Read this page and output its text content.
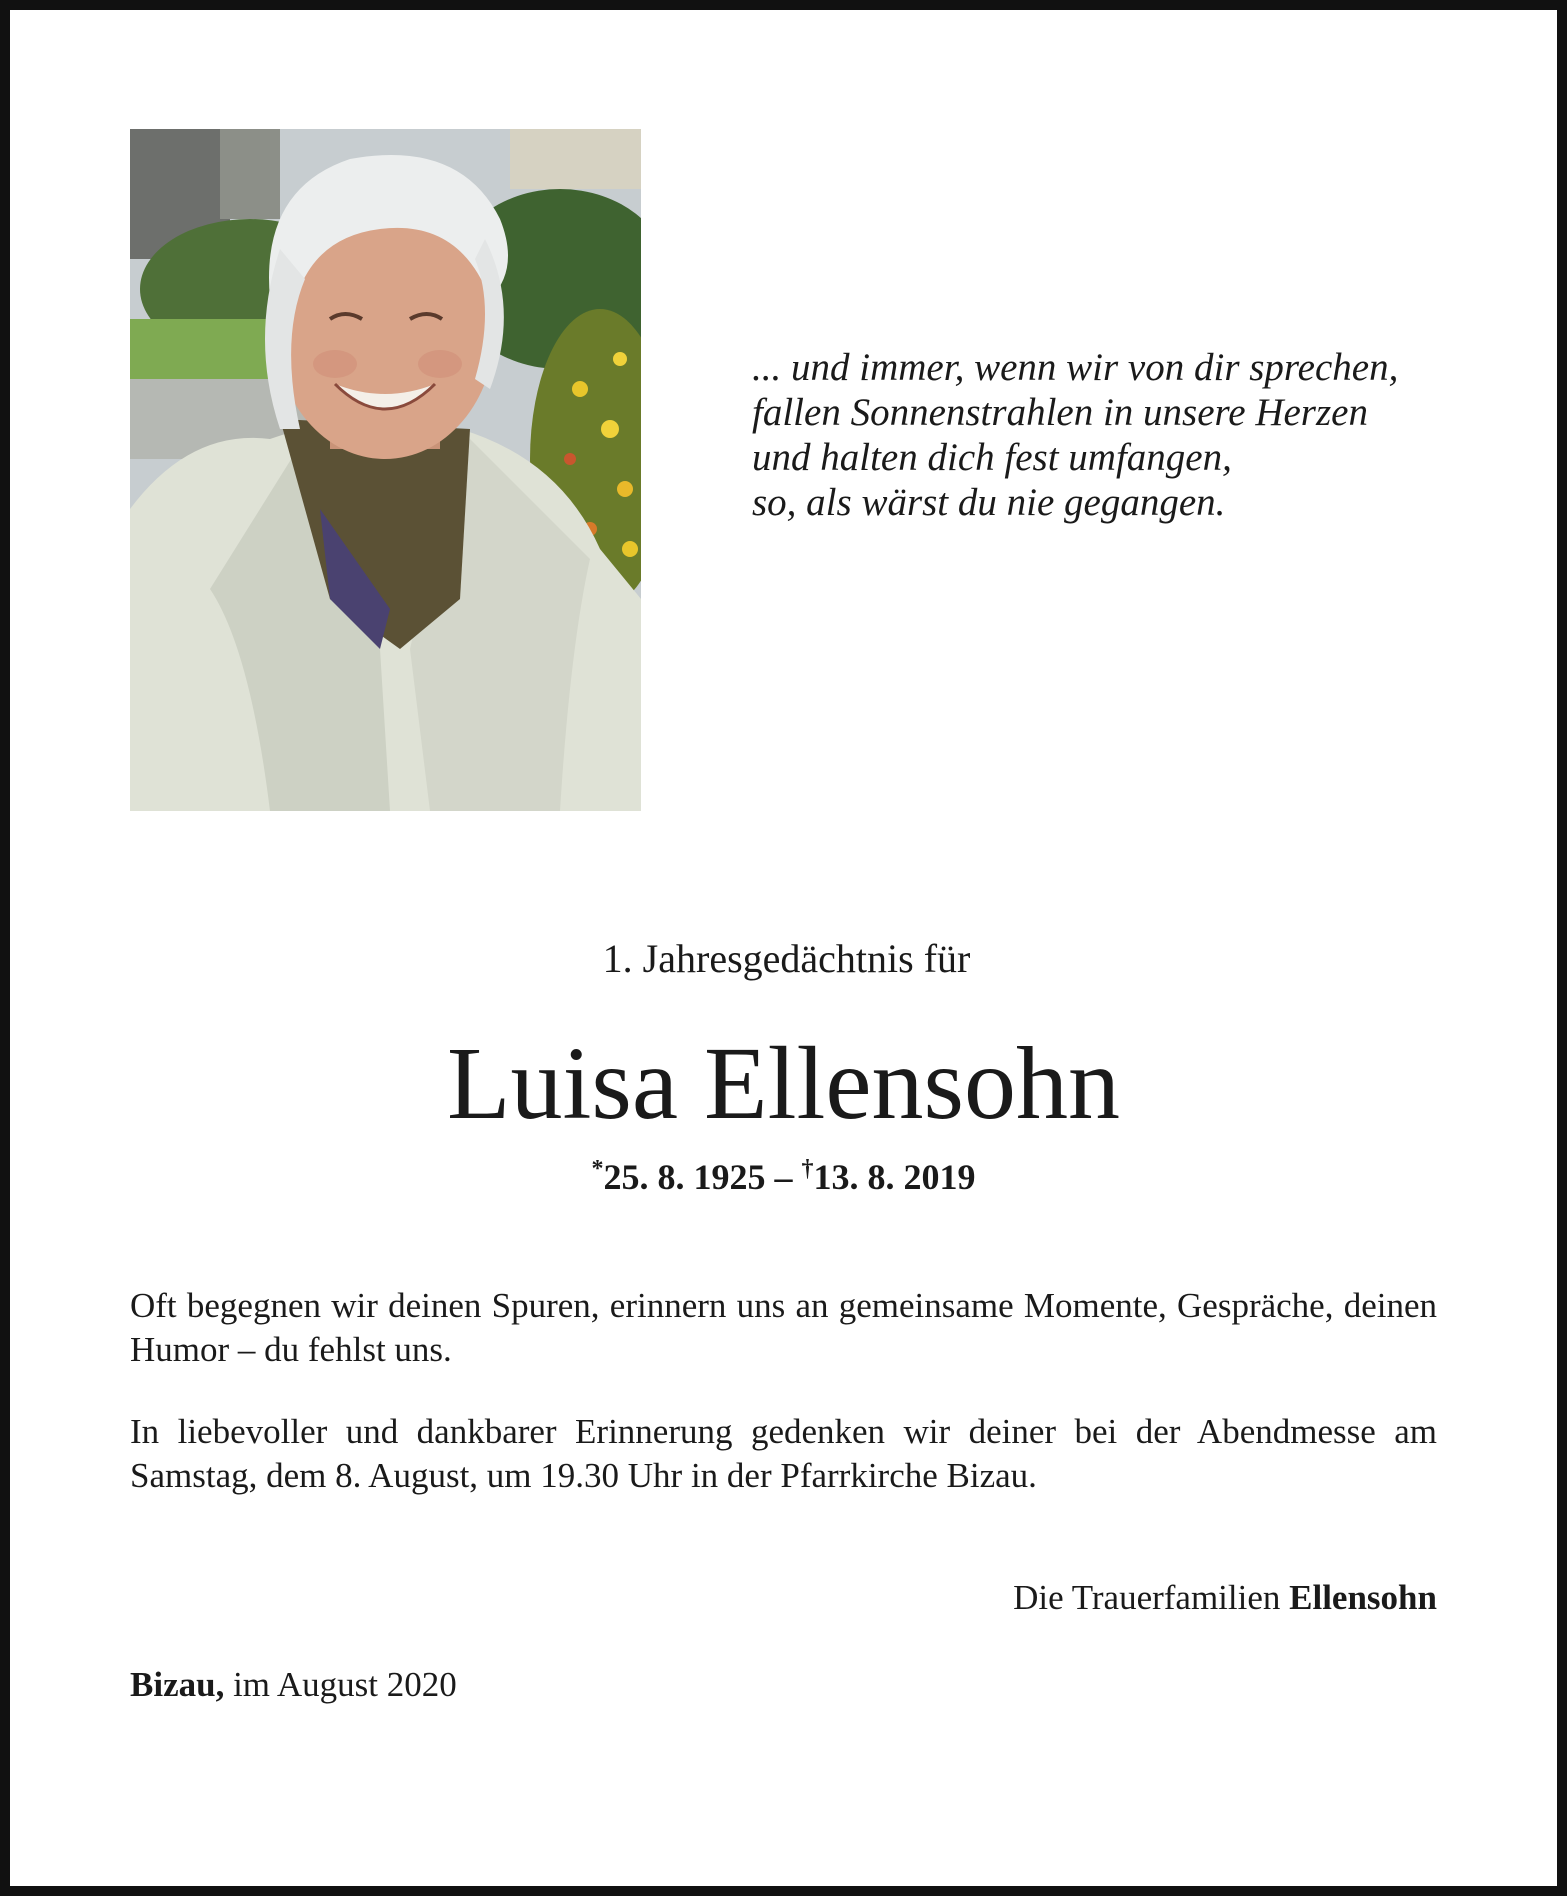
... und immer, wenn wir von dir sprechen,
fallen Sonnenstrahlen in unsere Herzen
und halten dich fest umfangen,
so, als wärst du nie gegangen.
1. Jahresgedächtnis für
Luisa Ellensohn
*25. 8. 1925 – †13. 8. 2019

Oft begegnen wir deinen Spuren, erinnern uns an gemeinsame Momente, Gespräche, deinen Humor – du fehlst uns.

In liebevoller und dankbarer Erinnerung gedenken wir deiner bei der Abendmesse am Samstag, dem 8. August, um 19.30 Uhr in der Pfarrkirche Bizau.

Die Trauerfamilien Ellensohn
Bizau, im August 2020
